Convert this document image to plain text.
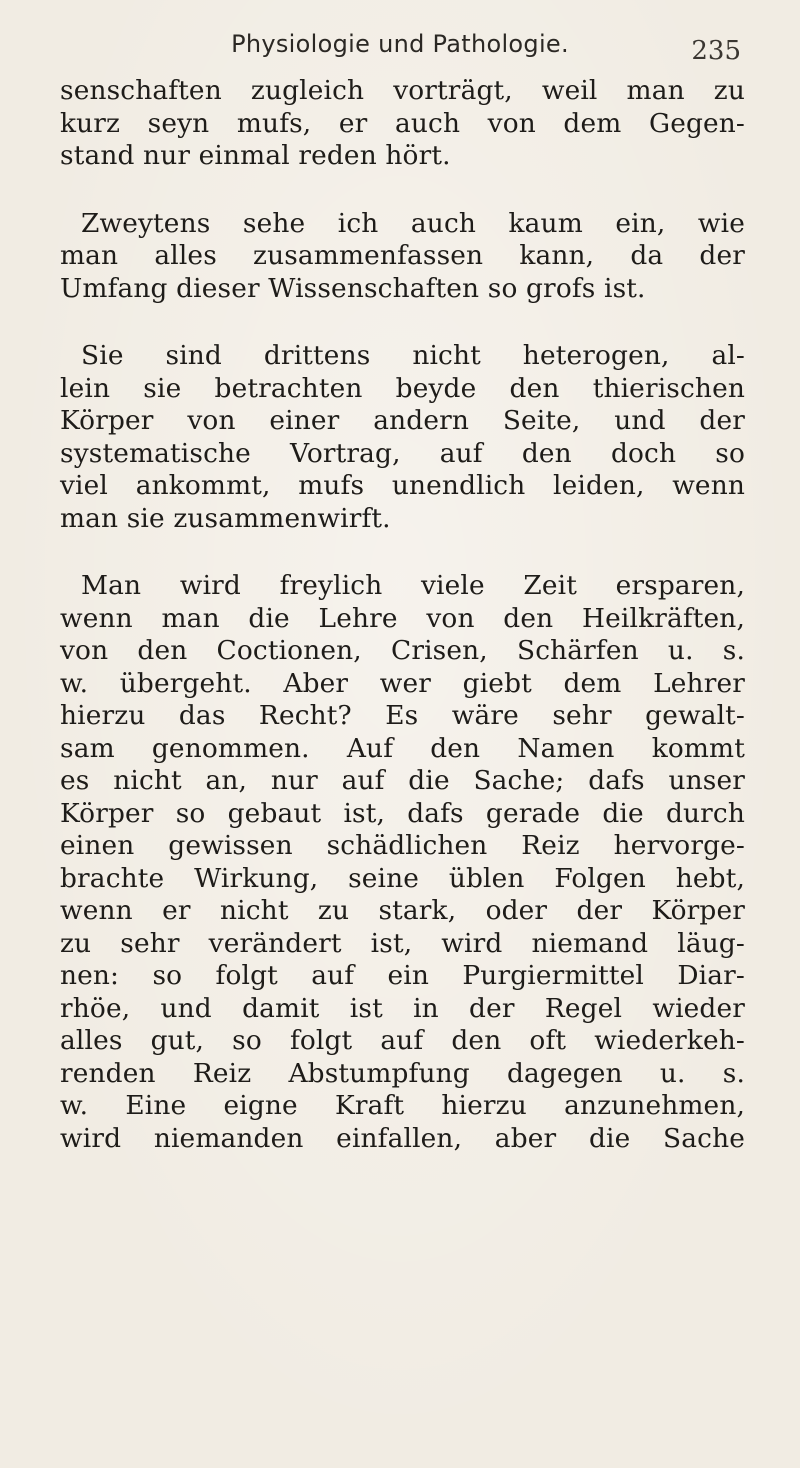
Physiologie und Pathologie.	235
senschaften zugleich vorträgt, weil man zu
kurz seyn mufs, er auch von dem Gegen-
stand nur einmal reden hört.
Zweytens sehe ich auch kaum ein, wie
man alles zusammenfassen kann, da der
Umfang dieser Wissenschaften so grofs ist.
Sie sind drittens nicht heterogen, al-
lein sie betrachten beyde den thierischen
Körper von einer andern Seite, und der
systematische Vortrag, auf den doch so
viel ankommt, mufs unendlich leiden, wenn
man sie zusammenwirft.
Man wird freylich viele Zeit ersparen,
wenn man die Lehre von den Heilkräften,
von den Coctionen, Crisen, Schärfen u. s.
w. übergeht. Aber wer giebt dem Lehrer
hierzu das Recht? Es wäre sehr gewalt-
sam genommen. Auf den Namen kommt
es nicht an, nur auf die Sache; dafs unser
Körper so gebaut ist, dafs gerade die durch
einen gewissen schädlichen Reiz hervorge-
brachte Wirkung, seine üblen Folgen hebt,
wenn er nicht zu stark, oder der Körper
zu sehr verändert ist, wird niemand läug-
nen: so folgt auf ein Purgiermittel Diar-
rhöe, und damit ist in der Regel wieder
alles gut, so folgt auf den oft wiederkeh-
renden Reiz Abstumpfung dagegen u. s.
w. Eine eigne Kraft hierzu anzunehmen,
wird niemanden einfallen, aber die Sache
